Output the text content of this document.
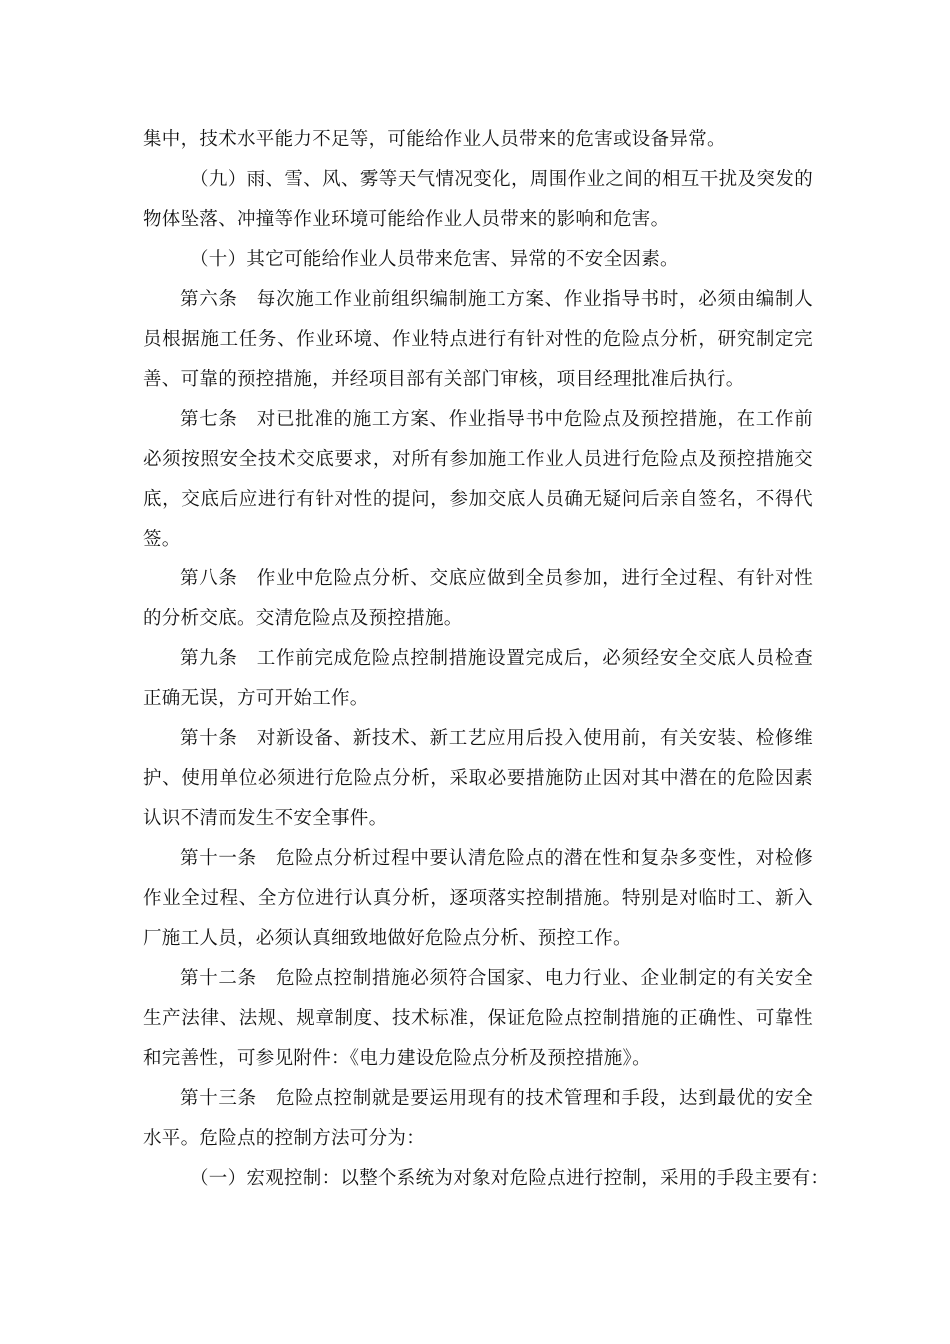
集中，技术水平能力不足等，可能给作业人员带来的危害或设备异常。
（九）雨、雪、风、雾等天气情况变化，周围作业之间的相互干扰及突发的
物体坠落、冲撞等作业环境可能给作业人员带来的影响和危害。
（十）其它可能给作业人员带来危害、异常的不安全因素。
第六条　每次施工作业前组织编制施工方案、作业指导书时，必须由编制人
员根据施工任务、作业环境、作业特点进行有针对性的危险点分析，研究制定完
善、可靠的预控措施，并经项目部有关部门审核，项目经理批准后执行。
第七条　对已批准的施工方案、作业指导书中危险点及预控措施，在工作前
必须按照安全技术交底要求，对所有参加施工作业人员进行危险点及预控措施交
底，交底后应进行有针对性的提问，参加交底人员确无疑问后亲自签名，不得代
签。
第八条　作业中危险点分析、交底应做到全员参加，进行全过程、有针对性
的分析交底。交清危险点及预控措施。
第九条　工作前完成危险点控制措施设置完成后，必须经安全交底人员检查
正确无误，方可开始工作。
第十条　对新设备、新技术、新工艺应用后投入使用前，有关安装、检修维
护、使用单位必须进行危险点分析，采取必要措施防止因对其中潜在的危险因素
认识不清而发生不安全事件。
第十一条　危险点分析过程中要认清危险点的潜在性和复杂多变性，对检修
作业全过程、全方位进行认真分析，逐项落实控制措施。特别是对临时工、新入
厂施工人员，必须认真细致地做好危险点分析、预控工作。
第十二条　危险点控制措施必须符合国家、电力行业、企业制定的有关安全
生产法律、法规、规章制度、技术标准，保证危险点控制措施的正确性、可靠性
和完善性，可参见附件：《电力建设危险点分析及预控措施》。
第十三条　危险点控制就是要运用现有的技术管理和手段，达到最优的安全
水平。危险点的控制方法可分为：
（一）宏观控制：以整个系统为对象对危险点进行控制，采用的手段主要有：
